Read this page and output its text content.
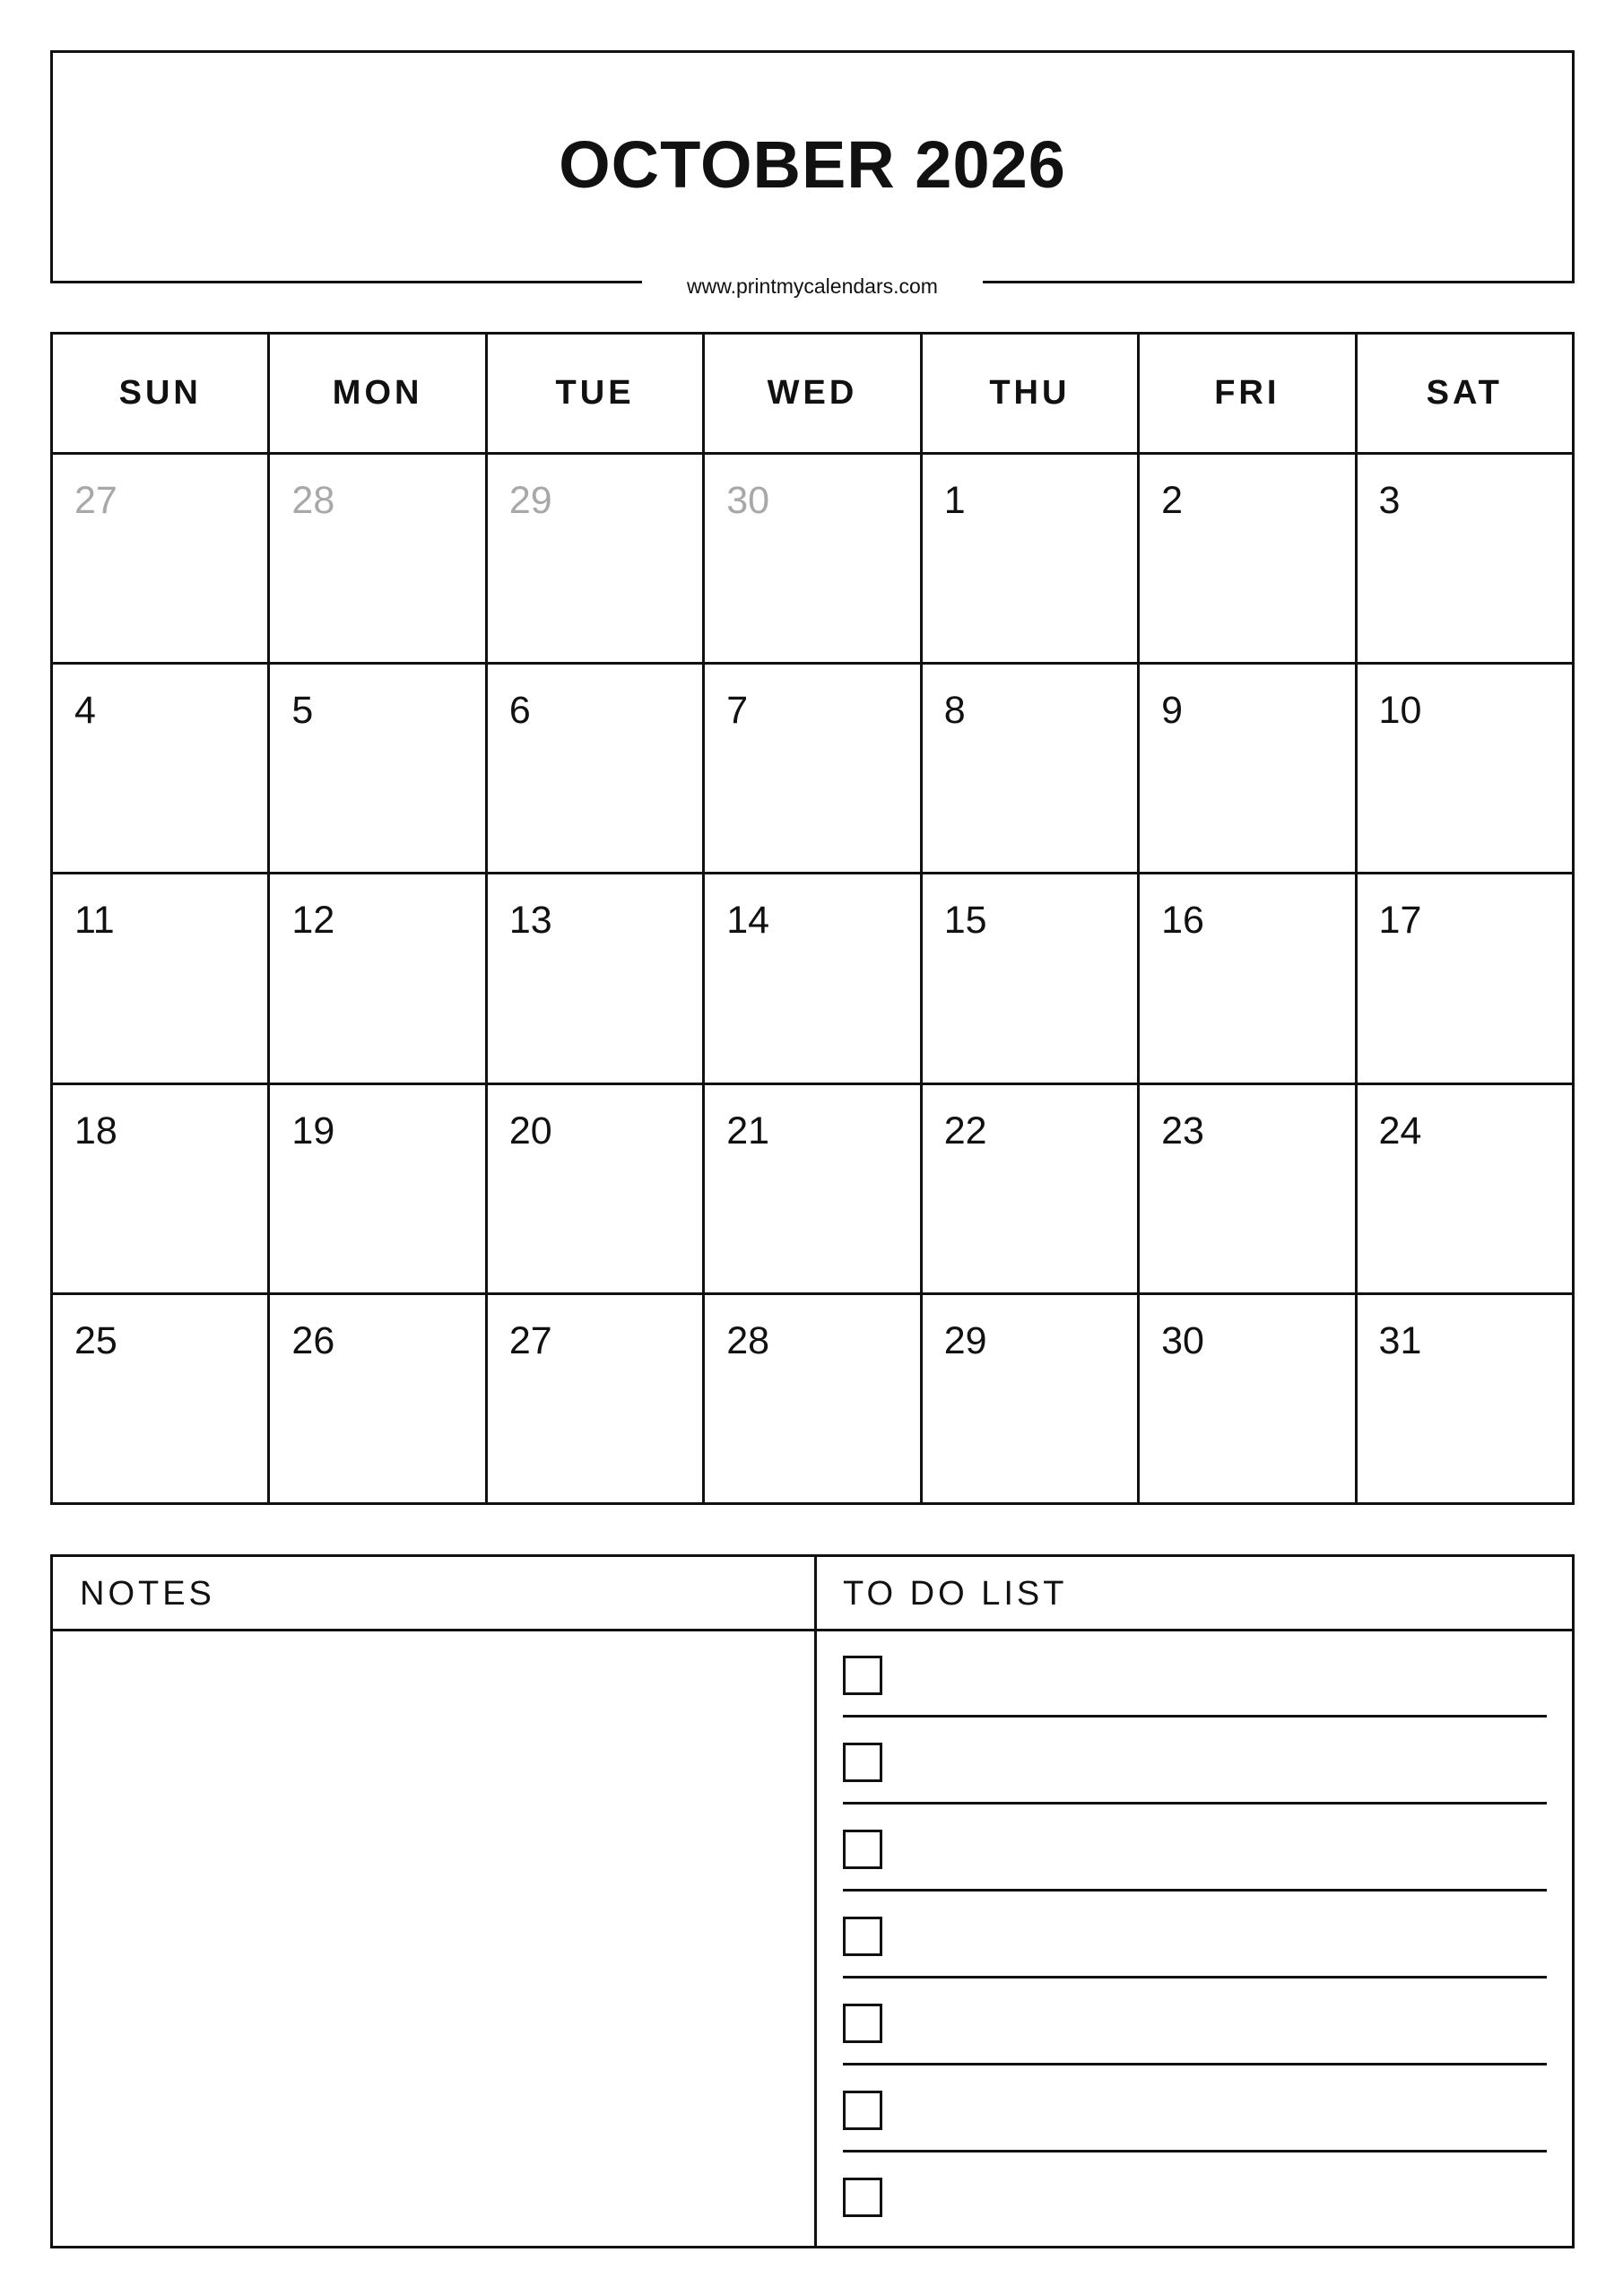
OCTOBER 2026
www.printmycalendars.com
SUN	MON	TUE	WED	THU	FRI	SAT

27	28	29	30	1	2	3

4	5	6	7	8	9	10

11	12	13	14	15	16	17

18	19	20	21	22	23	24

25	26	27	28	29	30	31
NOTES	TO DO LIST
